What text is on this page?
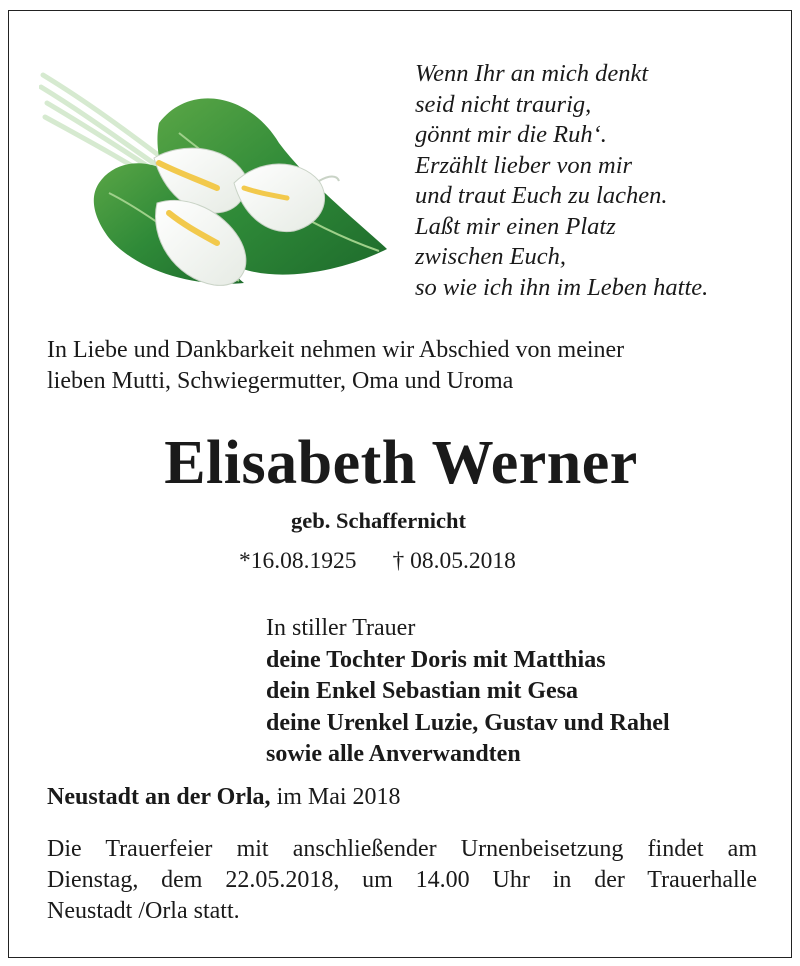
Wenn Ihr an mich denkt
seid nicht traurig,
gönnt mir die Ruh‘.
Erzählt lieber von mir
und traut Euch zu lachen.
Laßt mir einen Platz
zwischen Euch,
so wie ich ihn im Leben hatte.
In Liebe und Dankbarkeit nehmen wir Abschied von meiner
lieben Mutti, Schwiegermutter, Oma und Uroma
Elisabeth Werner
geb. Schaffernicht
*16.08.1925 † 08.05.2018
In stiller Trauer
deine Tochter Doris mit Matthias
dein Enkel Sebastian mit Gesa
deine Urenkel Luzie, Gustav und Rahel
sowie alle Anverwandten
Neustadt an der Orla, im Mai 2018
Die Trauerfeier mit anschließender Urnenbeisetzung findet am
Dienstag, dem 22.05.2018, um 14.00 Uhr in der Trauerhalle
Neustadt /Orla statt.
